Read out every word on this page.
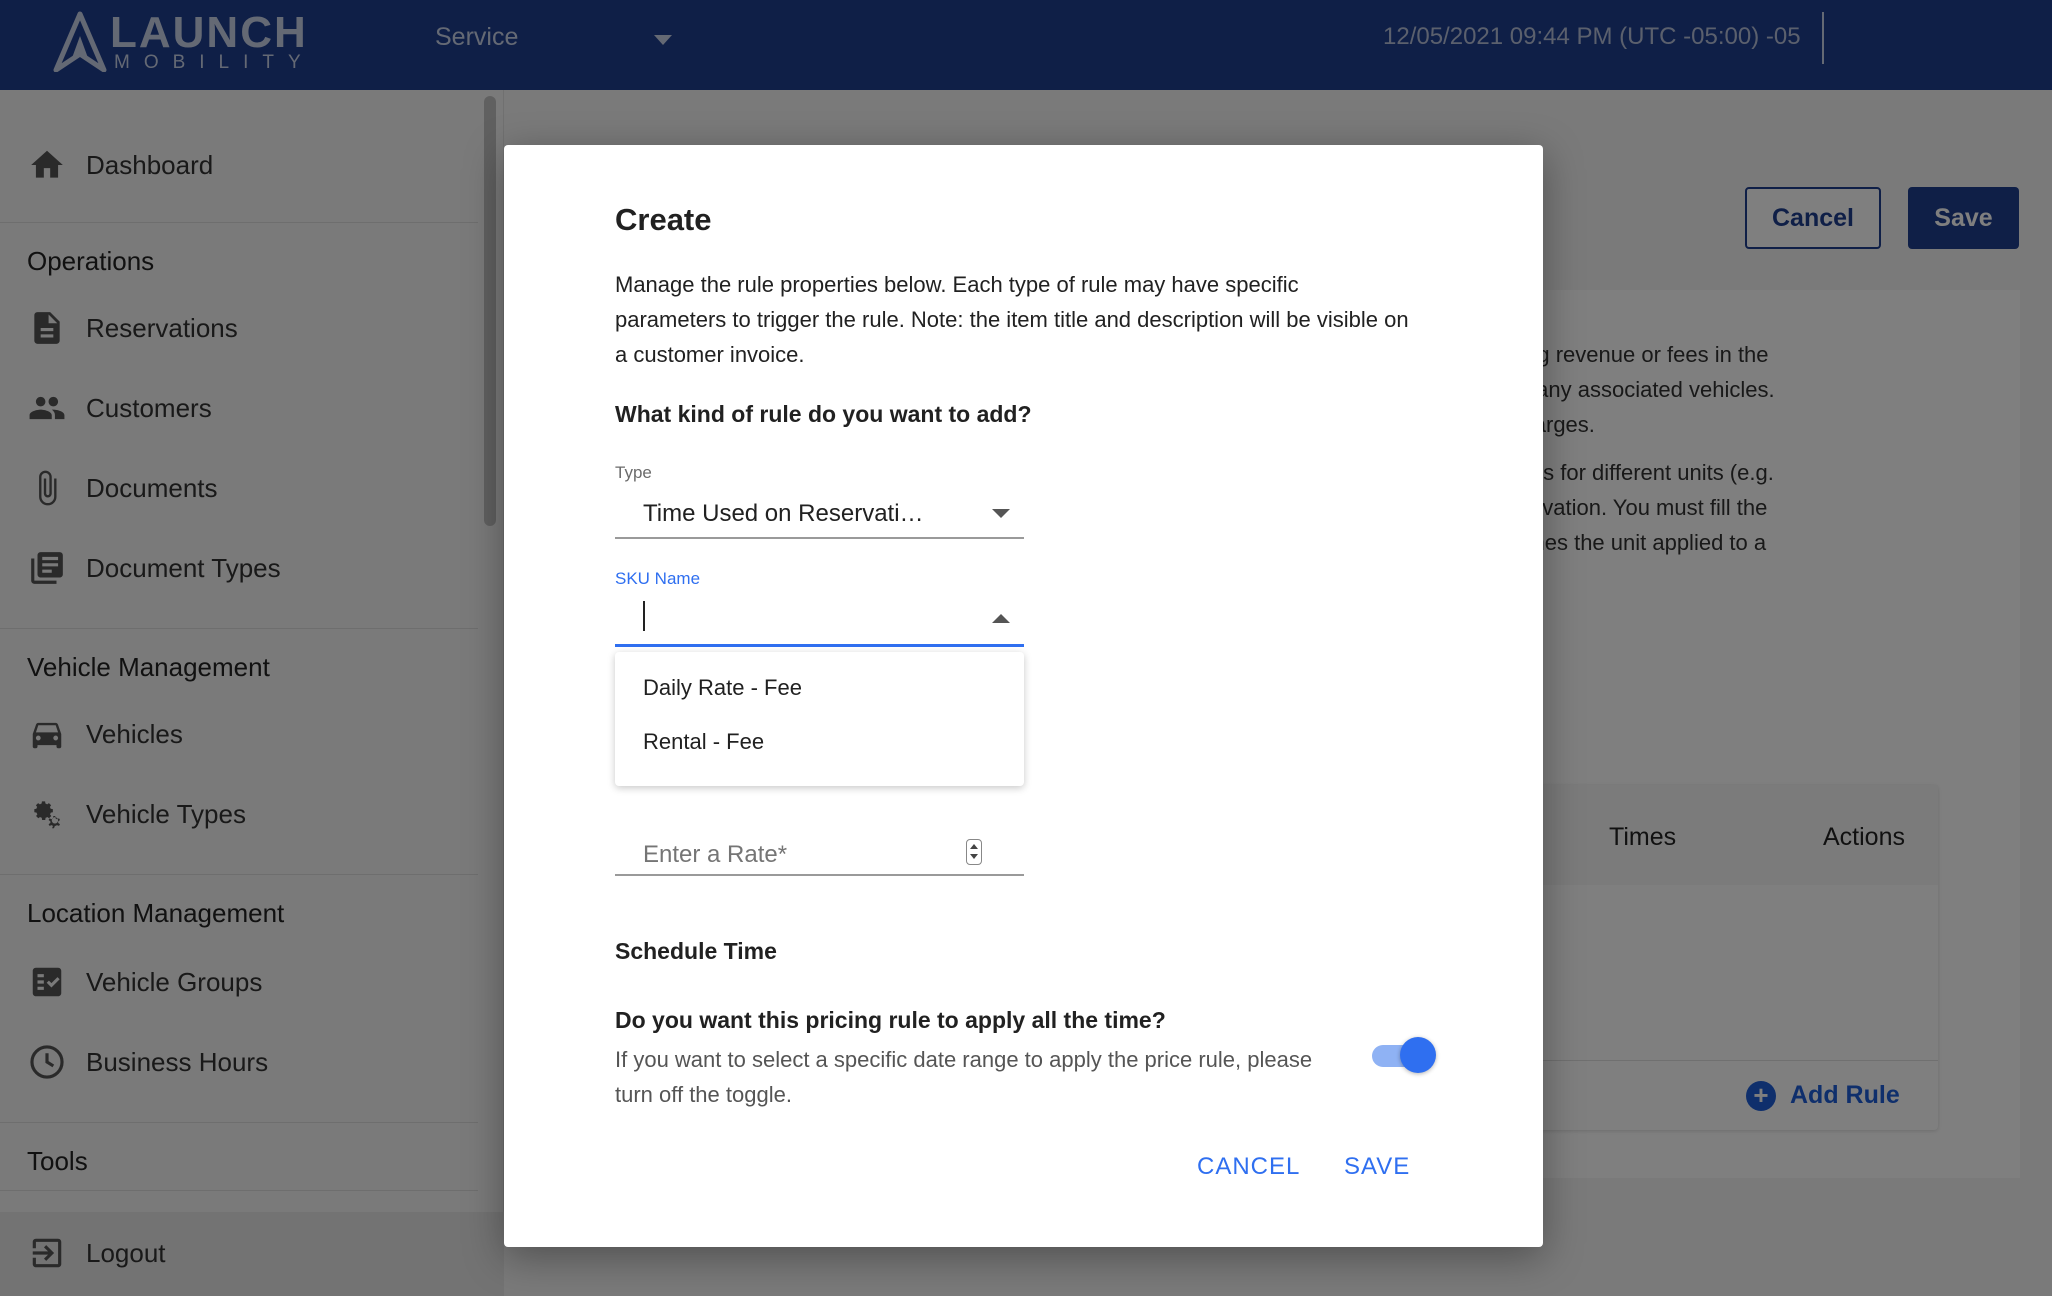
Create

Manage the rule properties below. Each type of rule may have specific parameters to trigger the rule. Note: the item title and description will be visible on a customer invoice.

What kind of rule do you want to add?
Type
Time Used on Reservati…
SKU Name
Daily Rate - Fee
Rental - Fee
Enter a Rate*
Schedule Time
Do you want this pricing rule to apply all the time?

If you want to select a specific date range to apply the price rule, please turn off the toggle.

CANCEL SAVE
